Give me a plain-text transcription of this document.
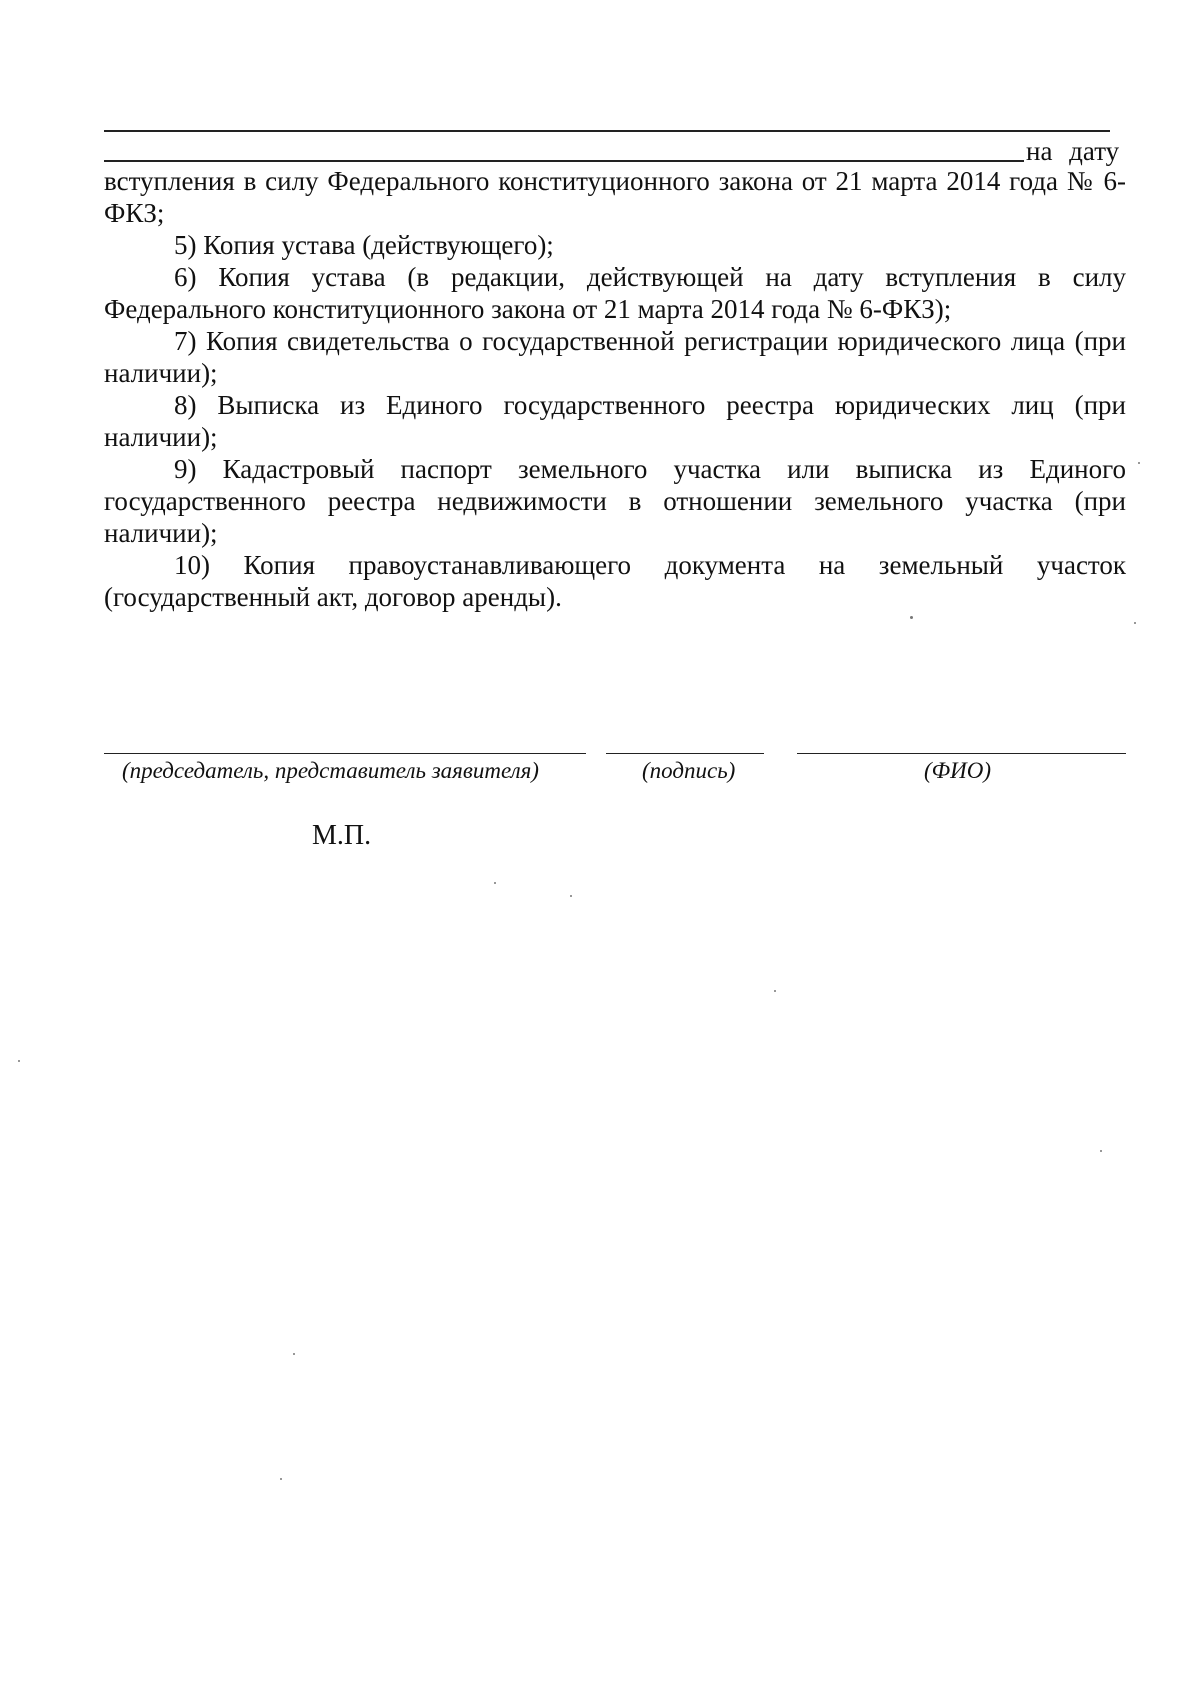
на дату

вступления в силу Федерального конституционного закона от 21 марта 2014 года № 6-ФКЗ;

5) Копия устава (действующего);

6) Копия устава (в редакции, действующей на дату вступления в силу Федерального конституционного закона от 21 марта 2014 года № 6-ФКЗ);

7) Копия свидетельства о государственной регистрации юридического лица (при наличии);

8) Выписка из Единого государственного реестра юридических лиц (при наличии);

9) Кадастровый паспорт земельного участка или выписка из Единого государственного реестра недвижимости в отношении земельного участка (при наличии);

10) Копия правоустанавливающего документа на земельный участок (государственный акт, договор аренды).

(председатель, представитель заявителя)	(подпись)	(ФИО)
М.П.
